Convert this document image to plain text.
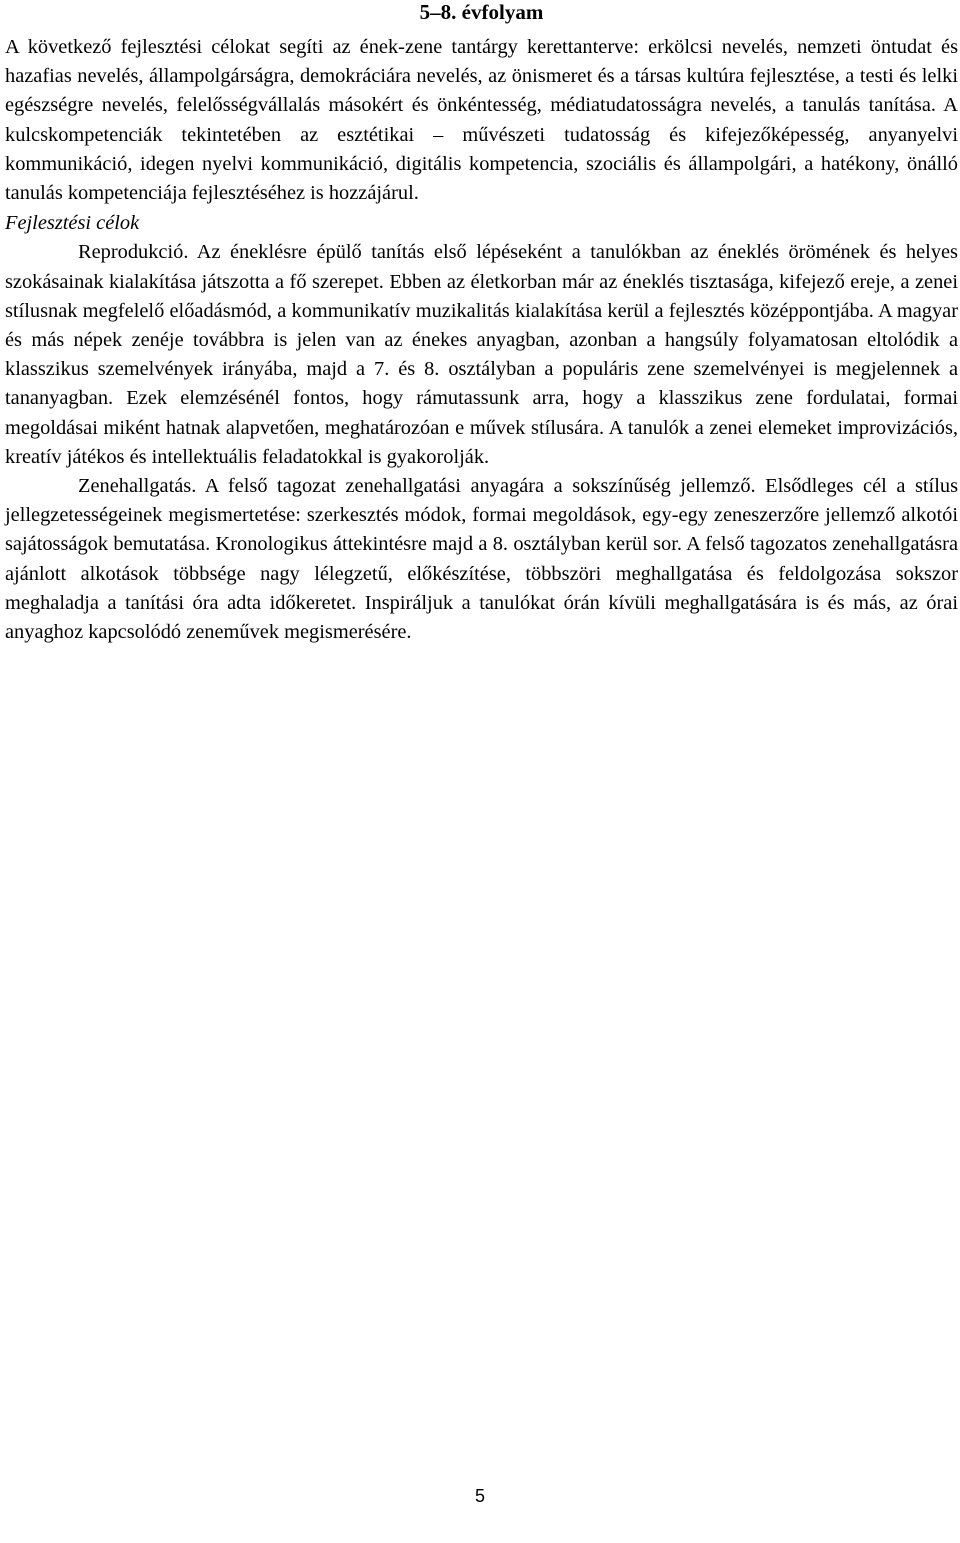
5–8. évfolyam

A következő fejlesztési célokat segíti az ének-zene tantárgy kerettanterve: erkölcsi nevelés, nemzeti öntudat és hazafias nevelés, állampolgárságra, demokráciára nevelés, az önismeret és a társas kultúra fejlesztése, a testi és lelki egészségre nevelés, felelősségvállalás másokért és önkéntesség, médiatudatosságra nevelés, a tanulás tanítása. A kulcskompetenciák tekintetében az esztétikai – művészeti tudatosság és kifejezőképesség, anyanyelvi kommunikáció, idegen nyelvi kommunikáció, digitális kompetencia, szociális és állampolgári, a hatékony, önálló tanulás kompetenciája fejlesztéséhez is hozzájárul.

Fejlesztési célok

Reprodukció. Az éneklésre épülő tanítás első lépéseként a tanulókban az éneklés örömének és helyes szokásainak kialakítása játszotta a fő szerepet. Ebben az életkorban már az éneklés tisztasága, kifejező ereje, a zenei stílusnak megfelelő előadásmód, a kommunikatív muzikalitás kialakítása kerül a fejlesztés középpontjába. A magyar és más népek zenéje továbbra is jelen van az énekes anyagban, azonban a hangsúly folyamatosan eltolódik a klasszikus szemelvények irányába, majd a 7. és 8. osztályban a populáris zene szemelvényei is megjelennek a tananyagban. Ezek elemzésénél fontos, hogy rámutassunk arra, hogy a klasszikus zene fordulatai, formai megoldásai miként hatnak alapvetően, meghatározóan e művek stílusára. A tanulók a zenei elemeket improvizációs, kreatív játékos és intellektuális feladatokkal is gyakorolják.

Zenehallgatás. A felső tagozat zenehallgatási anyagára a sokszínűség jellemző. Elsődleges cél a stílus jellegzetességeinek megismertetése: szerkesztés módok, formai megoldások, egy-egy zeneszerzőre jellemző alkotói sajátosságok bemutatása. Kronologikus áttekintésre majd a 8. osztályban kerül sor. A felső tagozatos zenehallgatásra ajánlott alkotások többsége nagy lélegzetű, előkészítése, többszöri meghallgatása és feldolgozása sokszor meghaladja a tanítási óra adta időkeretet. Inspiráljuk a tanulókat órán kívüli meghallgatására is és más, az órai anyaghoz kapcsolódó zeneművek megismerésére.

5
